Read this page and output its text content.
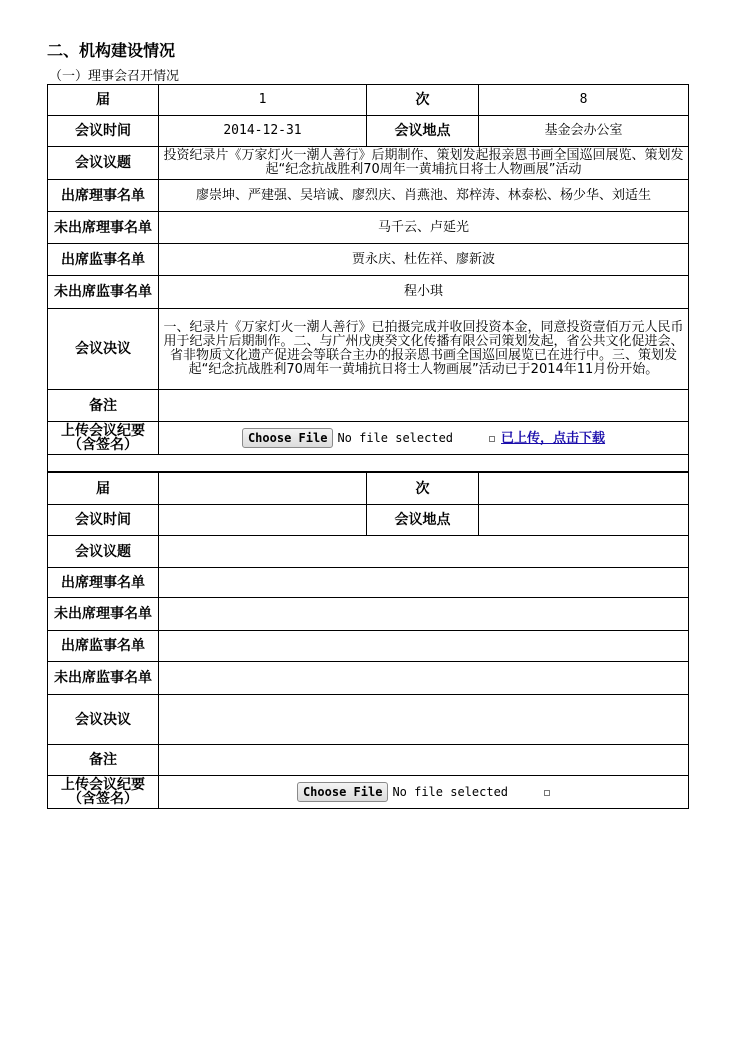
二、机构建设情况
（一）理事会召开情况
届	1	次	8
会议时间	2014-12-31	会议地点	基金会办公室
会议议题	投资纪录片《万家灯火一潮人善行》后期制作、策划发起报亲恩书画全国巡回展览、策划发起“纪念抗战胜利70周年一黄埔抗日将士人物画展”活动		
出席理事名单	廖崇坤、严建强、吴培诚、廖烈庆、肖燕池、郑梓涛、林泰松、杨少华、刘适生		
未出席理事名单	马千云、卢延光		
出席监事名单	贾永庆、杜佐祥、廖新波		
未出席监事名单	程小琪		
会议决议	一、纪录片《万家灯火一潮人善行》已拍摄完成并收回投资本金，同意投资壹佰万元人民币用于纪录片后期制作。二、与广州戊庚癸文化传播有限公司策划发起，省公共文化促进会、省非物质文化遗产促进会等联合主办的报亲恩书画全国巡回展览已在进行中。三、策划发起“纪念抗战胜利70周年一黄埔抗日将士人物画展”活动已于2014年11月份开始。		
备注			
上传会议纪要（含签名）	Choose File No file selected 已上传，点击下载		

届		次	
会议时间		会议地点	
会议议题			
出席理事名单			
未出席理事名单			
出席监事名单			
未出席监事名单			
会议决议			
备注			
上传会议纪要（含签名）	Choose File No file selected		
